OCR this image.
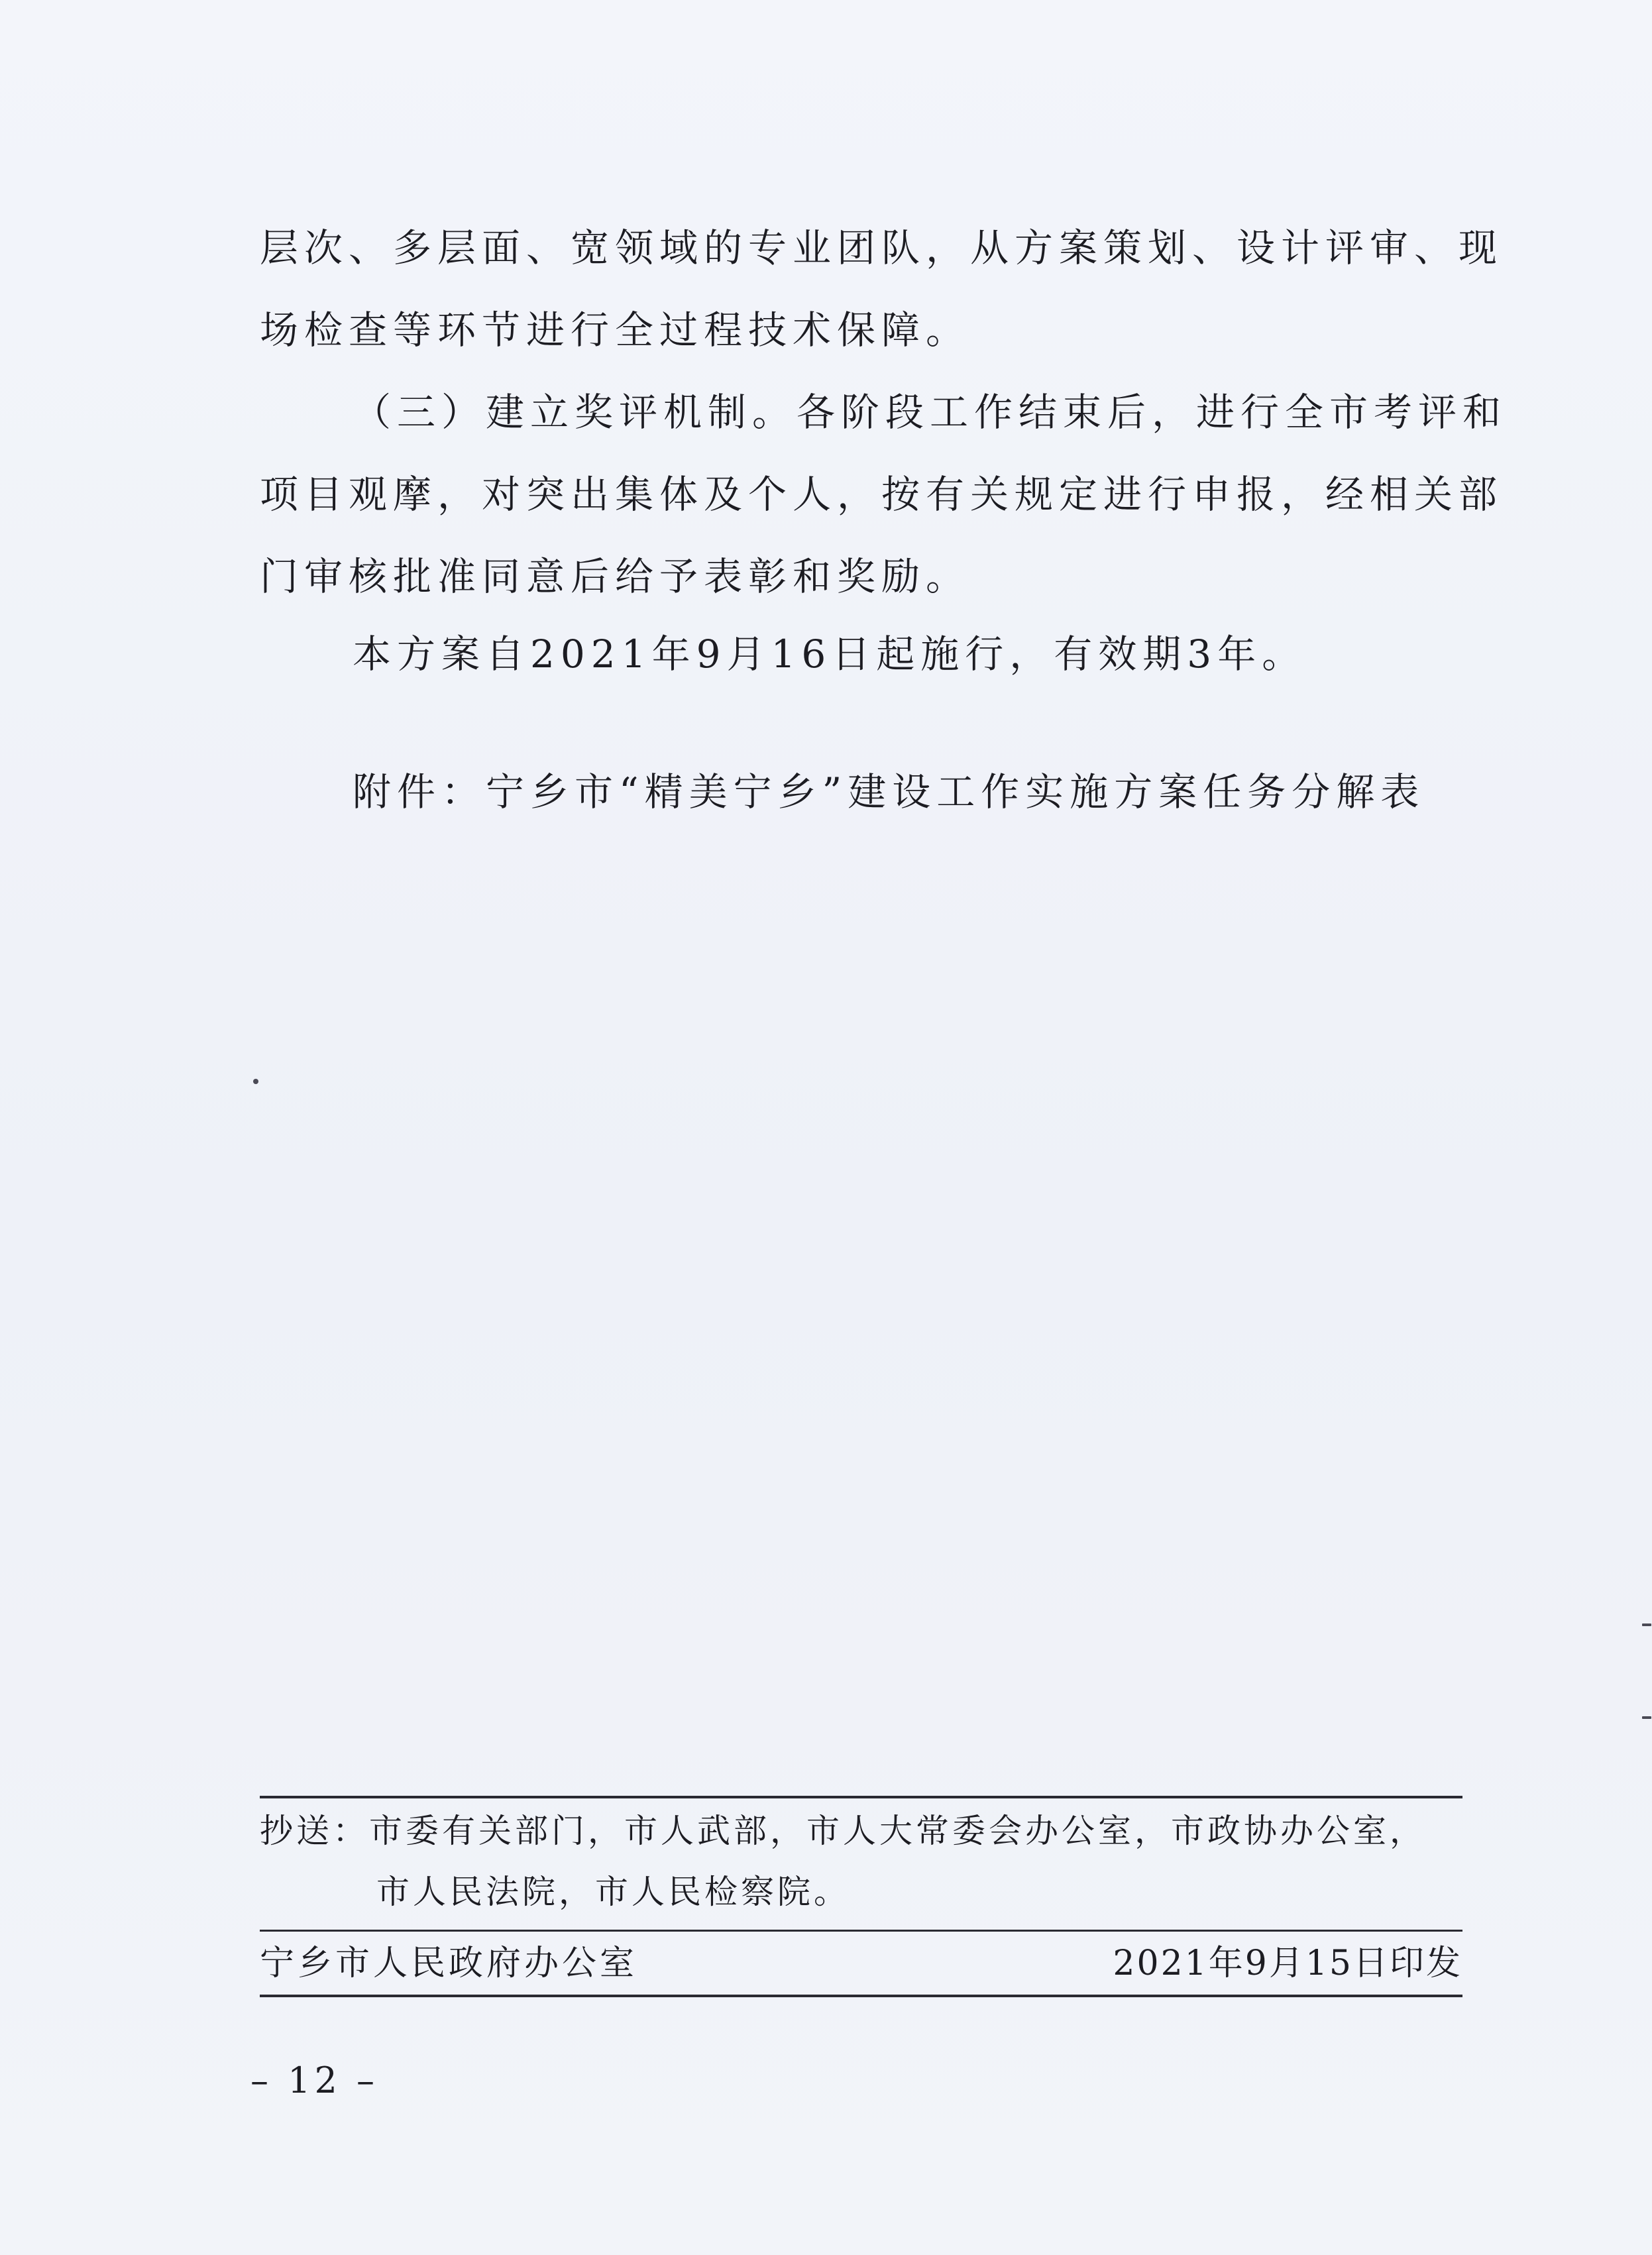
层次、多层面、宽领域的专业团队，从方案策划、设计评审、现场检查等环节进行全过程技术保障。

（三）建立奖评机制。各阶段工作结束后，进行全市考评和项目观摩，对突出集体及个人，按有关规定进行申报，经相关部门审核批准同意后给予表彰和奖励。

本方案自2021年9月16日起施行，有效期3年。

附件：宁乡市“精美宁乡”建设工作实施方案任务分解表

抄送：市委有关部门，市人武部，市人大常委会办公室，市政协办公室，
市人民法院，市人民检察院。
宁乡市人民政府办公室	2021年9月15日印发
– 12 –
